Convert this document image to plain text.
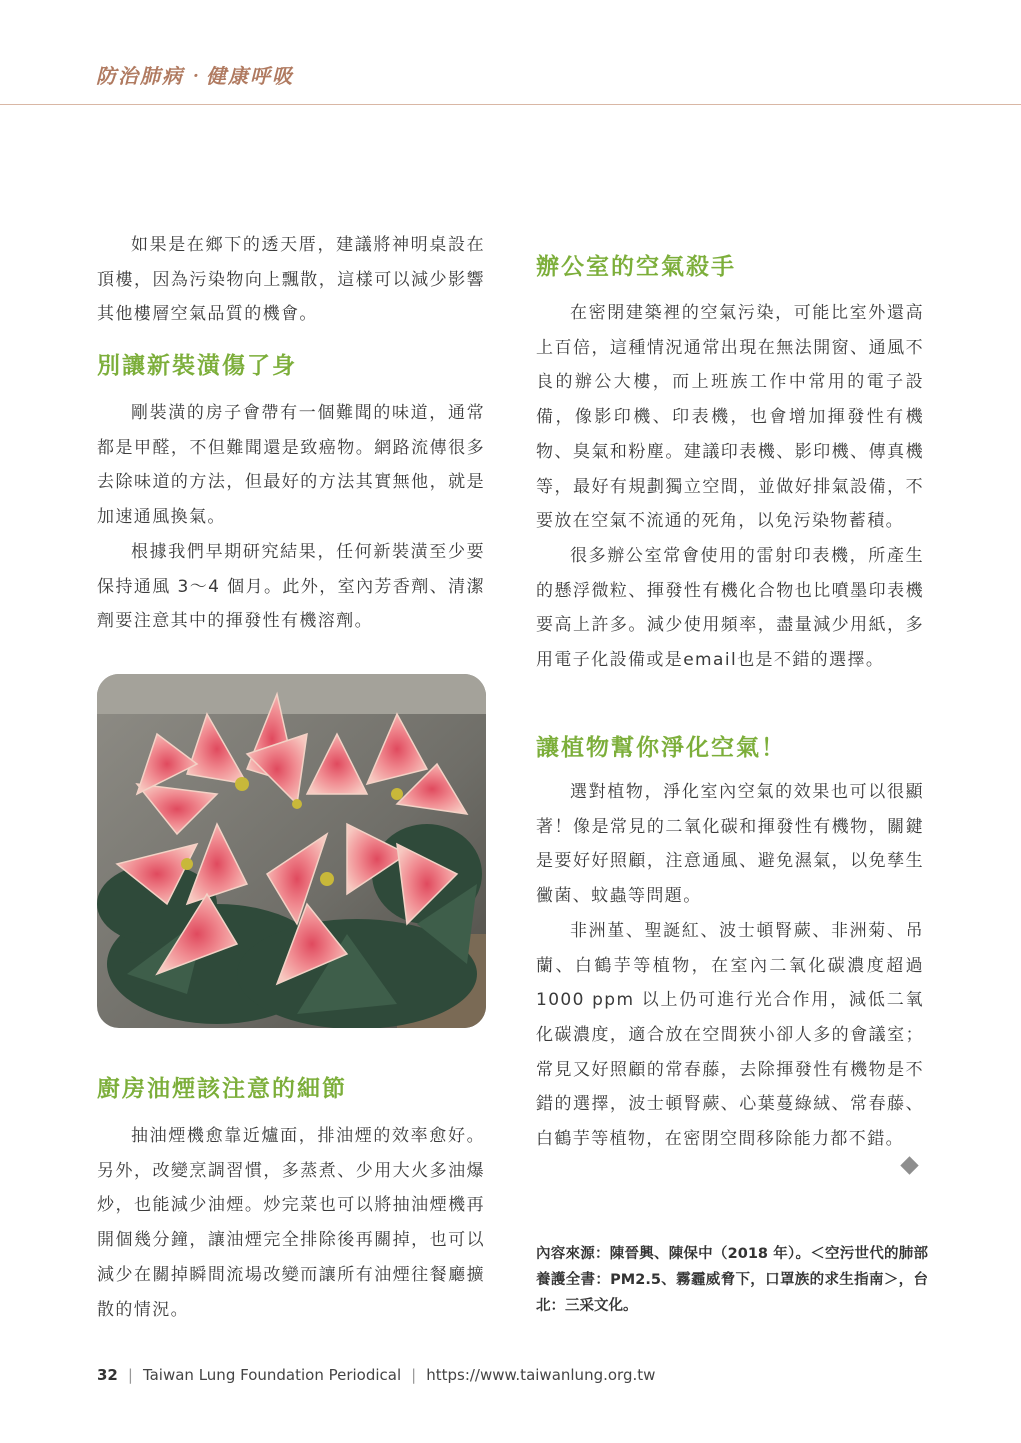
防治肺病‧健康呼吸

如果是在鄉下的透天厝，建議將神明桌設在頂樓，因為污染物向上飄散，這樣可以減少影響其他樓層空氣品質的機會。

別讓新裝潢傷了身

剛裝潢的房子會帶有一個難聞的味道，通常都是甲醛，不但難聞還是致癌物。網路流傳很多去除味道的方法，但最好的方法其實無他，就是加速通風換氣。

根據我們早期研究結果，任何新裝潢至少要保持通風 3～4 個月。此外，室內芳香劑、清潔劑要注意其中的揮發性有機溶劑。

廚房油煙該注意的細節

抽油煙機愈靠近爐面，排油煙的效率愈好。另外，改變烹調習慣，多蒸煮、少用大火多油爆炒，也能減少油煙。炒完菜也可以將抽油煙機再開個幾分鐘，讓油煙完全排除後再關掉，也可以減少在關掉瞬間流場改變而讓所有油煙往餐廳擴散的情況。

辦公室的空氣殺手

在密閉建築裡的空氣污染，可能比室外還高上百倍，這種情況通常出現在無法開窗、通風不良的辦公大樓，而上班族工作中常用的電子設備，像影印機、印表機，也會增加揮發性有機物、臭氣和粉塵。建議印表機、影印機、傳真機等，最好有規劃獨立空間，並做好排氣設備，不要放在空氣不流通的死角，以免污染物蓄積。

很多辦公室常會使用的雷射印表機，所產生的懸浮微粒、揮發性有機化合物也比噴墨印表機要高上許多。減少使用頻率，盡量減少用紙，多用電子化設備或是email也是不錯的選擇。

讓植物幫你淨化空氣！

選對植物，淨化室內空氣的效果也可以很顯著！像是常見的二氧化碳和揮發性有機物，關鍵是要好好照顧，注意通風、避免濕氣，以免孳生黴菌、蚊蟲等問題。

非洲堇、聖誕紅、波士頓腎蕨、非洲菊、吊蘭、白鶴芋等植物，在室內二氧化碳濃度超過 1000 ppm 以上仍可進行光合作用，減低二氧化碳濃度，適合放在空間狹小卻人多的會議室；常見又好照顧的常春藤，去除揮發性有機物是不錯的選擇，波士頓腎蕨、心葉蔓綠絨、常春藤、白鶴芋等植物，在密閉空間移除能力都不錯。

內容來源：陳晉興、陳保中（2018 年）。＜空污世代的肺部養護全書：PM2.5、霧霾威脅下，口罩族的求生指南＞，台北：三采文化。

32 | Taiwan Lung Foundation Periodical | https://www.taiwanlung.org.tw
